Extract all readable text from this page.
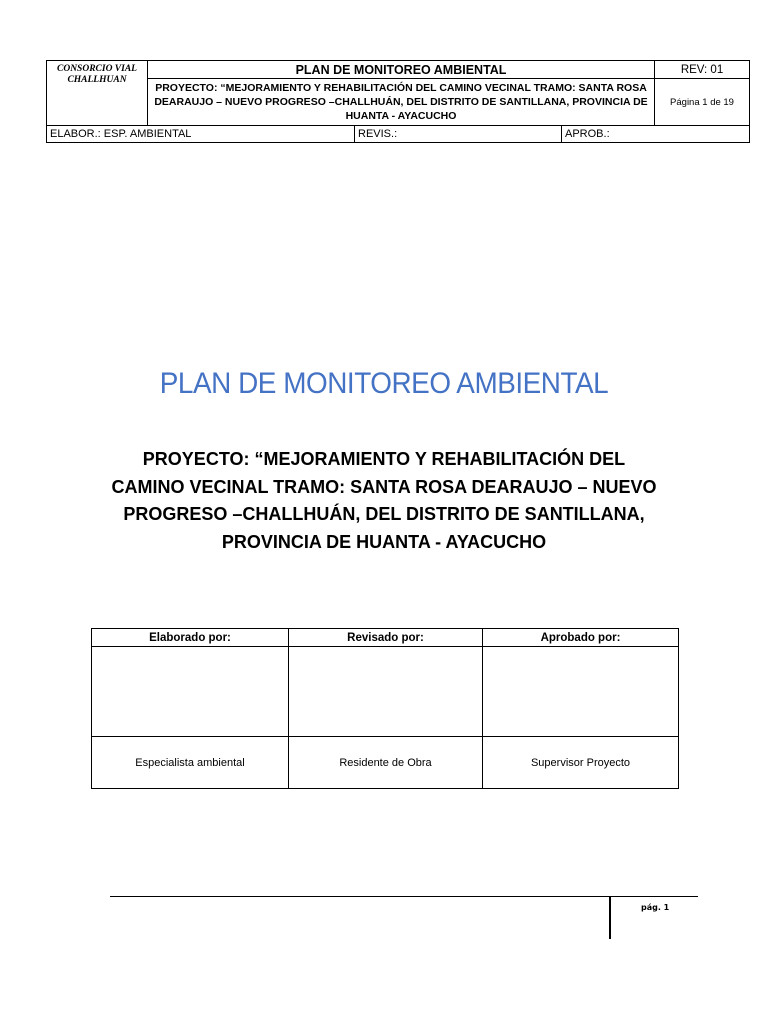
CONSORCIO VIAL CHALLHUAN	PLAN DE MONITOREO AMBIENTAL			REV: 01
	PROYECTO: “MEJORAMIENTO Y REHABILITACIÓN DEL CAMINO VECINAL TRAMO: SANTA ROSA DEARAUJO – NUEVO PROGRESO –CHALLHUÁN, DEL DISTRITO DE SANTILLANA, PROVINCIA DE HUANTA - AYACUCHO			Página 1 de 19
ELABOR.: ESP. AMBIENTAL		REVIS.:	APROB.:	
PLAN DE MONITOREO AMBIENTAL
PROYECTO: “MEJORAMIENTO Y REHABILITACIÓN DEL CAMINO VECINAL TRAMO: SANTA ROSA DEARAUJO – NUEVO PROGRESO –CHALLHUÁN, DEL DISTRITO DE SANTILLANA, PROVINCIA DE HUANTA - AYACUCHO
Elaborado por:	Revisado por:	Aprobado por:

Especialista ambiental	Residente de Obra	Supervisor Proyecto
pág. 1
